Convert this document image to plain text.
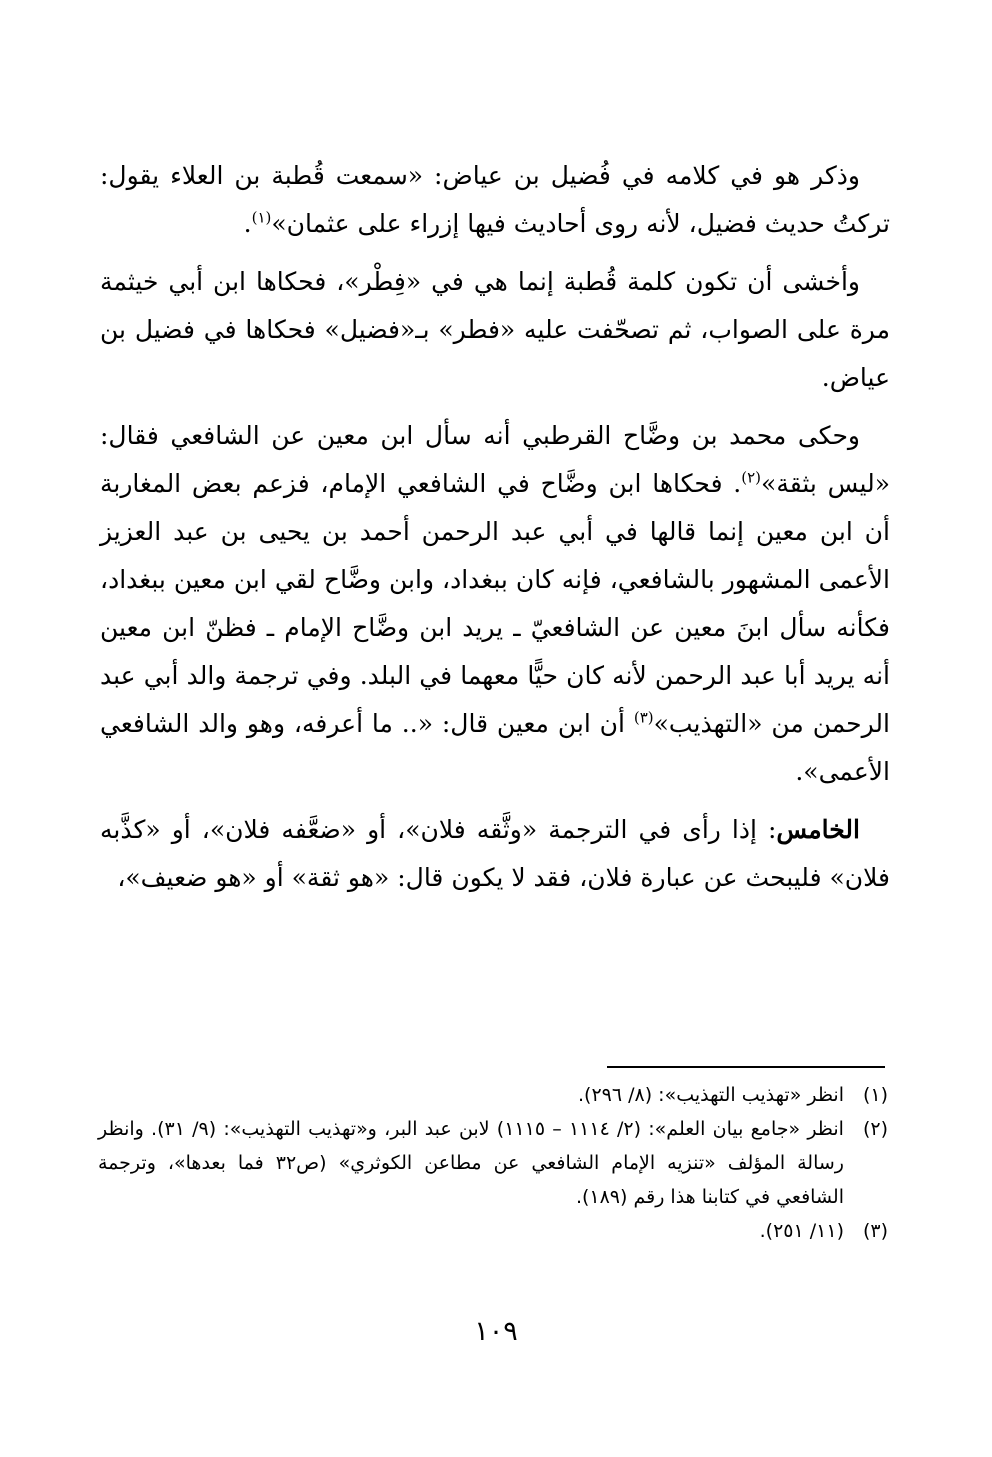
وذكر هو في كلامه في فُضيل بن عياض: «سمعت قُطبة بن العلاء يقول: تركتُ حديث فضيل، لأنه روى أحاديث فيها إزراء على عثمان»$^{(١)}$.

وأخشى أن تكون كلمة قُطبة إنما هي في «فِطْر»، فحكاها ابن أبي خيثمة مرة على الصواب، ثم تصحّفت عليه «فطر» بـ«فضيل» فحكاها في فضيل بن عياض.

وحكى محمد بن وضَّاح القرطبي أنه سأل ابن معين عن الشافعي فقال: «ليس بثقة»$^{(٢)}$. فحكاها ابن وضَّاح في الشافعي الإمام، فزعم بعض المغاربة أن ابن معين إنما قالها في أبي عبد الرحمن أحمد بن يحيى بن عبد العزيز الأعمى المشهور بالشافعي، فإنه كان ببغداد، وابن وضَّاح لقي ابن معين ببغداد، فكأنه سأل ابنَ معين عن الشافعيّ ـ يريد ابن وضَّاح الإمام ـ فظنّ ابن معين أنه يريد أبا عبد الرحمن لأنه كان حيًّا معهما في البلد. وفي ترجمة والد أبي عبد الرحمن من «التهذيب»$^{(٣)}$ أن ابن معين قال: «.. ما أعرفه، وهو والد الشافعي الأعمى».

الخامس: إذا رأى في الترجمة «وثَّقه فلان»، أو «ضعَّفه فلان»، أو «كذَّبه فلان» فليبحث عن عبارة فلان، فقد لا يكون قال: «هو ثقة» أو «هو ضعيف»،

(١)
انظر «تهذيب التهذيب»: (٨/ ٢٩٦).
(٢)
انظر «جامع بيان العلم»: (٢/ ١١١٤ – ١١١٥) لابن عبد البر، و«تهذيب التهذيب»: (٩/ ٣١). وانظر رسالة المؤلف «تنزيه الإمام الشافعي عن مطاعن الكوثري» (ص٣٢ فما بعدها»، وترجمة الشافعي في كتابنا هذا رقم (١٨٩).
(٣)
(١١/ ٢٥١).
١٠٩
